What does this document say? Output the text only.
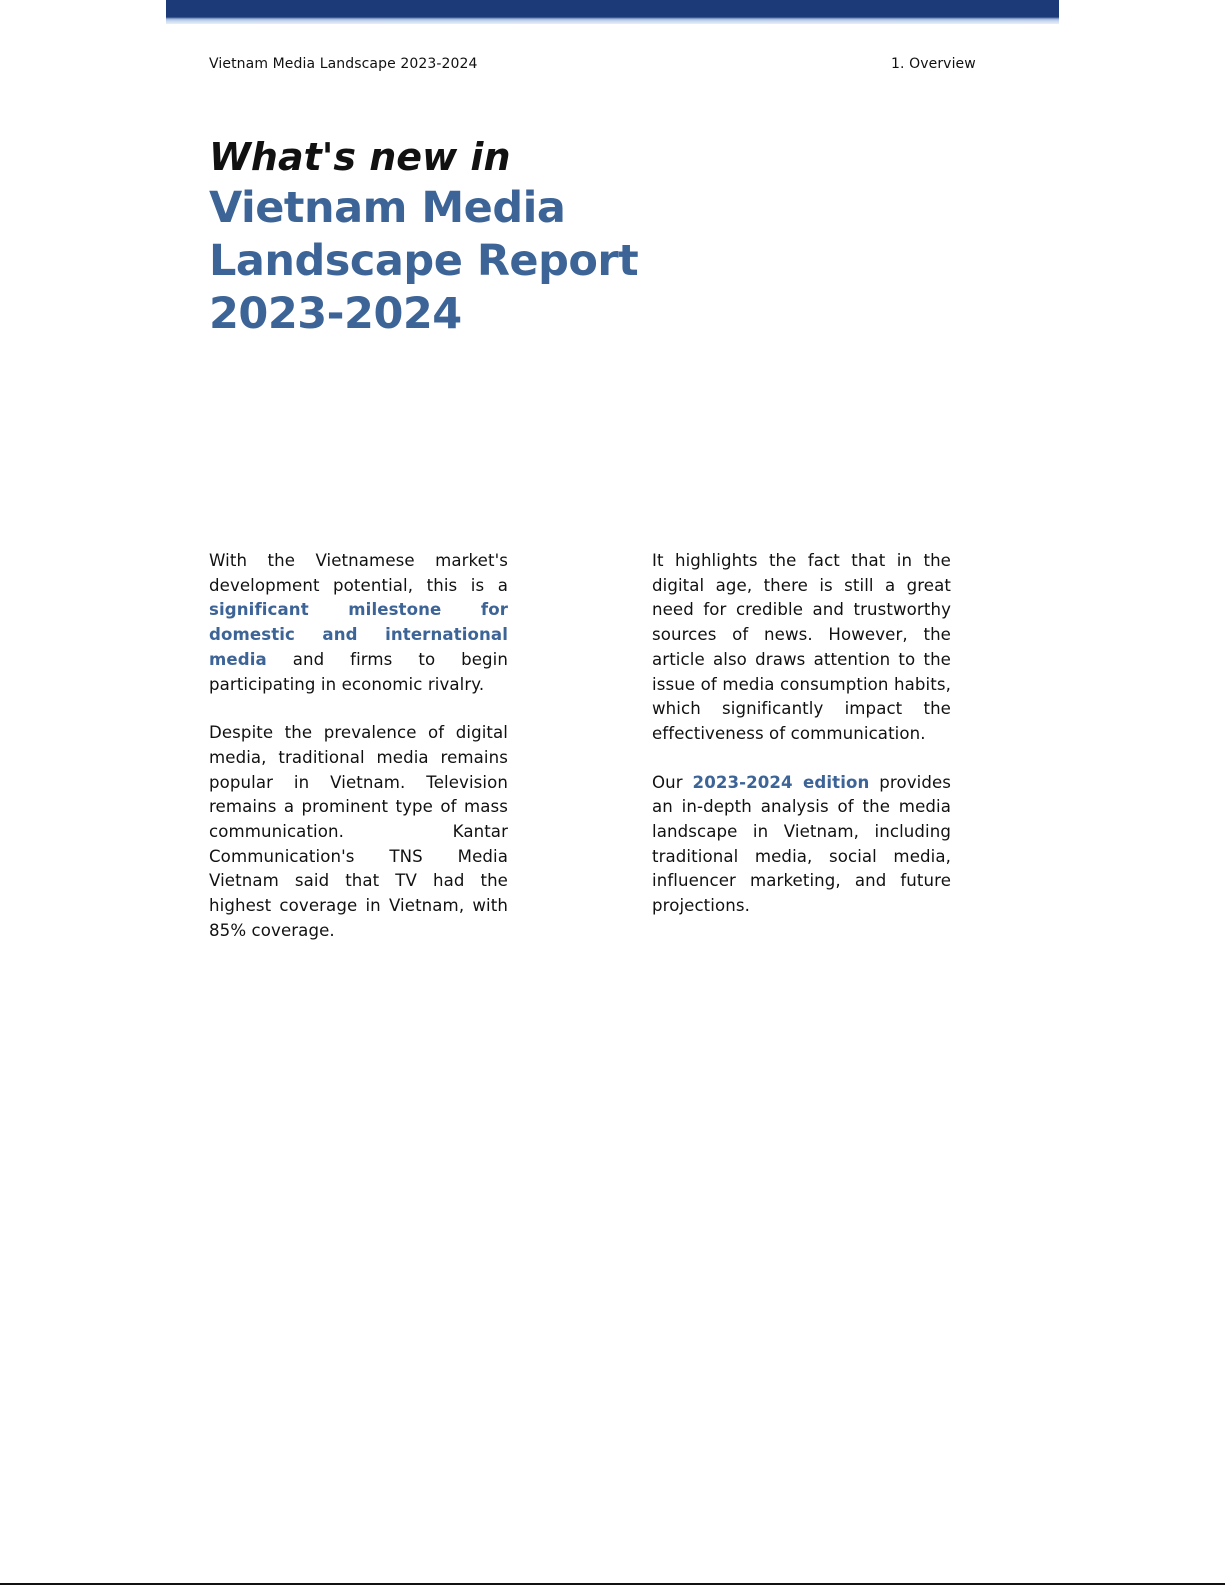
Vietnam Media Landscape 2023-2024	1. Overview
What's new in
Vietnam Media
Landscape Report
2023-2024

With the Vietnamese market's development potential, this is a significant milestone for domestic and international media and firms to begin participating in economic rivalry.

Despite the prevalence of digital media, traditional media remains popular in Vietnam. Television remains a prominent type of mass communication. Kantar Communication's TNS Media Vietnam said that TV had the highest coverage in Vietnam, with 85% coverage.

It highlights the fact that in the digital age, there is still a great need for credible and trustworthy sources of news. However, the article also draws attention to the issue of media consumption habits, which significantly impact the effectiveness of communication.

Our 2023-2024 edition provides an in-depth analysis of the media landscape in Vietnam, including traditional media, social media, influencer marketing, and future projections.
